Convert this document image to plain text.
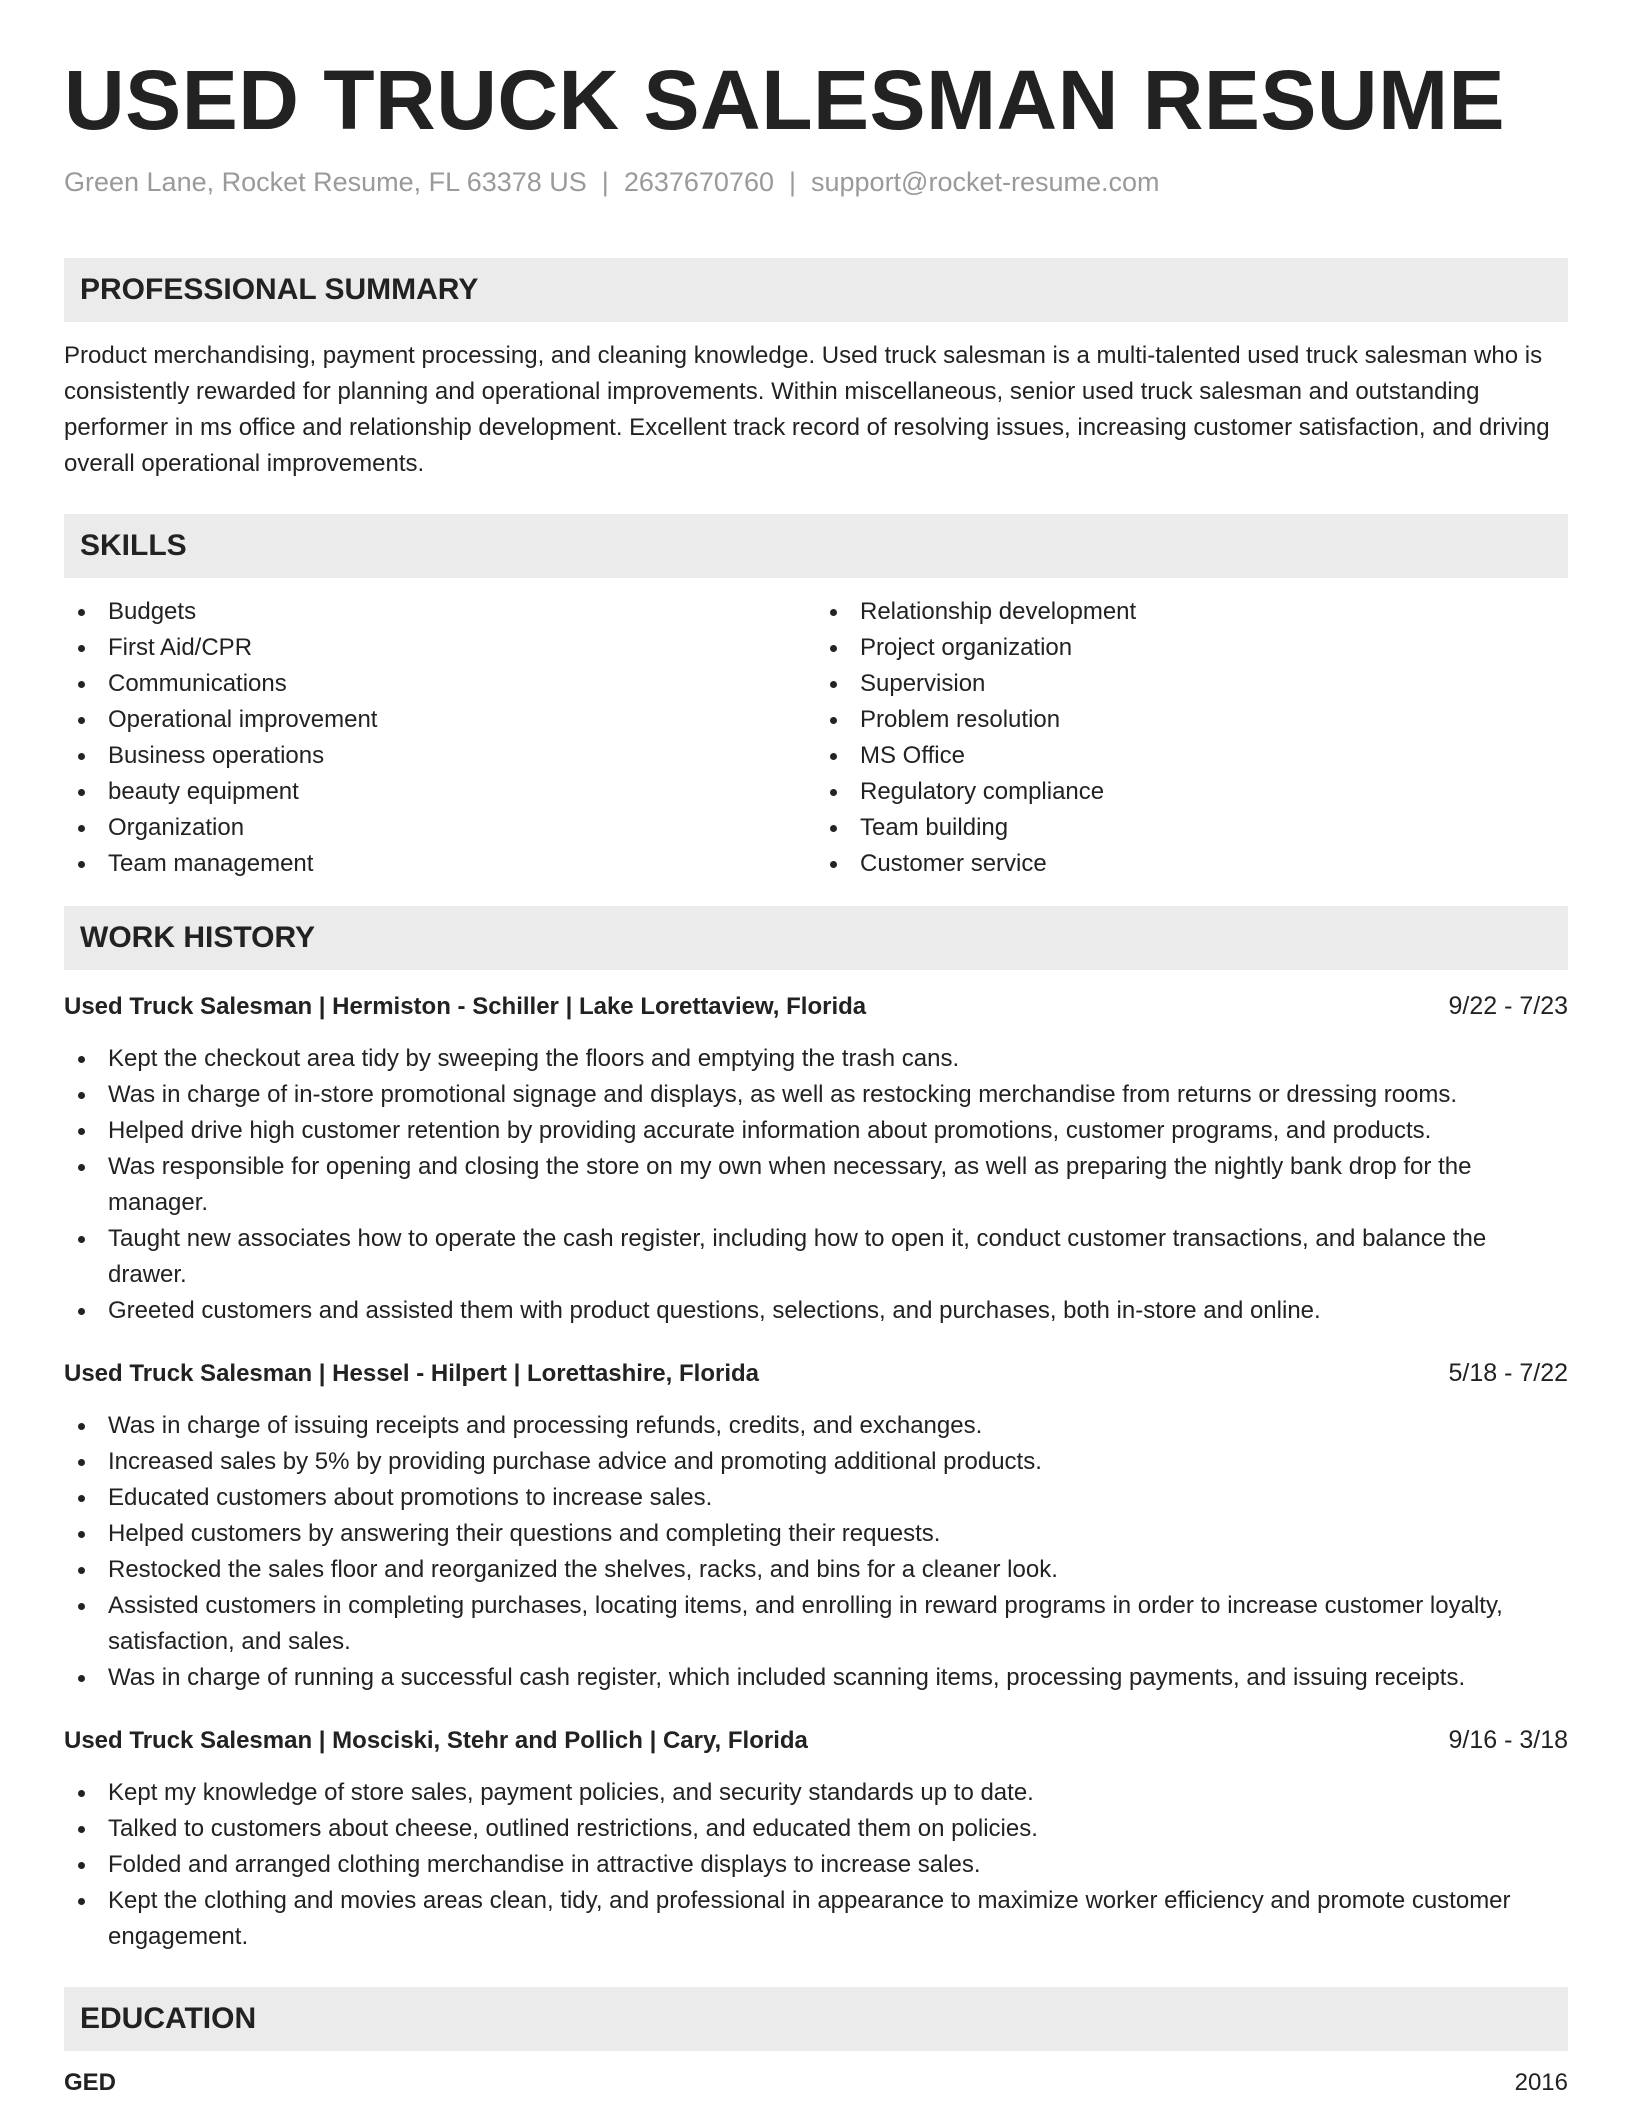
USED TRUCK SALESMAN RESUME
Green Lane, Rocket Resume, FL 63378 US | 2637670760 | support@rocket-resume.com
PROFESSIONAL SUMMARY
Product merchandising, payment processing, and cleaning knowledge. Used truck salesman is a multi-talented used truck salesman who is consistently rewarded for planning and operational improvements. Within miscellaneous, senior used truck salesman and outstanding performer in ms office and relationship development. Excellent track record of resolving issues, increasing customer satisfaction, and driving overall operational improvements.
SKILLS
Budgets
First Aid/CPR
Communications
Operational improvement
Business operations
beauty equipment
Organization
Team management
Relationship development
Project organization
Supervision
Problem resolution
MS Office
Regulatory compliance
Team building
Customer service
WORK HISTORY
Used Truck Salesman | Hermiston - Schiller | Lake Lorettaview, Florida	9/22 - 7/23
Kept the checkout area tidy by sweeping the floors and emptying the trash cans.
Was in charge of in-store promotional signage and displays, as well as restocking merchandise from returns or dressing rooms.
Helped drive high customer retention by providing accurate information about promotions, customer programs, and products.
Was responsible for opening and closing the store on my own when necessary, as well as preparing the nightly bank drop for the manager.
Taught new associates how to operate the cash register, including how to open it, conduct customer transactions, and balance the drawer.
Greeted customers and assisted them with product questions, selections, and purchases, both in-store and online.
Used Truck Salesman | Hessel - Hilpert | Lorettashire, Florida	5/18 - 7/22
Was in charge of issuing receipts and processing refunds, credits, and exchanges.
Increased sales by 5% by providing purchase advice and promoting additional products.
Educated customers about promotions to increase sales.
Helped customers by answering their questions and completing their requests.
Restocked the sales floor and reorganized the shelves, racks, and bins for a cleaner look.
Assisted customers in completing purchases, locating items, and enrolling in reward programs in order to increase customer loyalty, satisfaction, and sales.
Was in charge of running a successful cash register, which included scanning items, processing payments, and issuing receipts.
Used Truck Salesman | Mosciski, Stehr and Pollich | Cary, Florida	9/16 - 3/18
Kept my knowledge of store sales, payment policies, and security standards up to date.
Talked to customers about cheese, outlined restrictions, and educated them on policies.
Folded and arranged clothing merchandise in attractive displays to increase sales.
Kept the clothing and movies areas clean, tidy, and professional in appearance to maximize worker efficiency and promote customer engagement.
EDUCATION
GED	2016
